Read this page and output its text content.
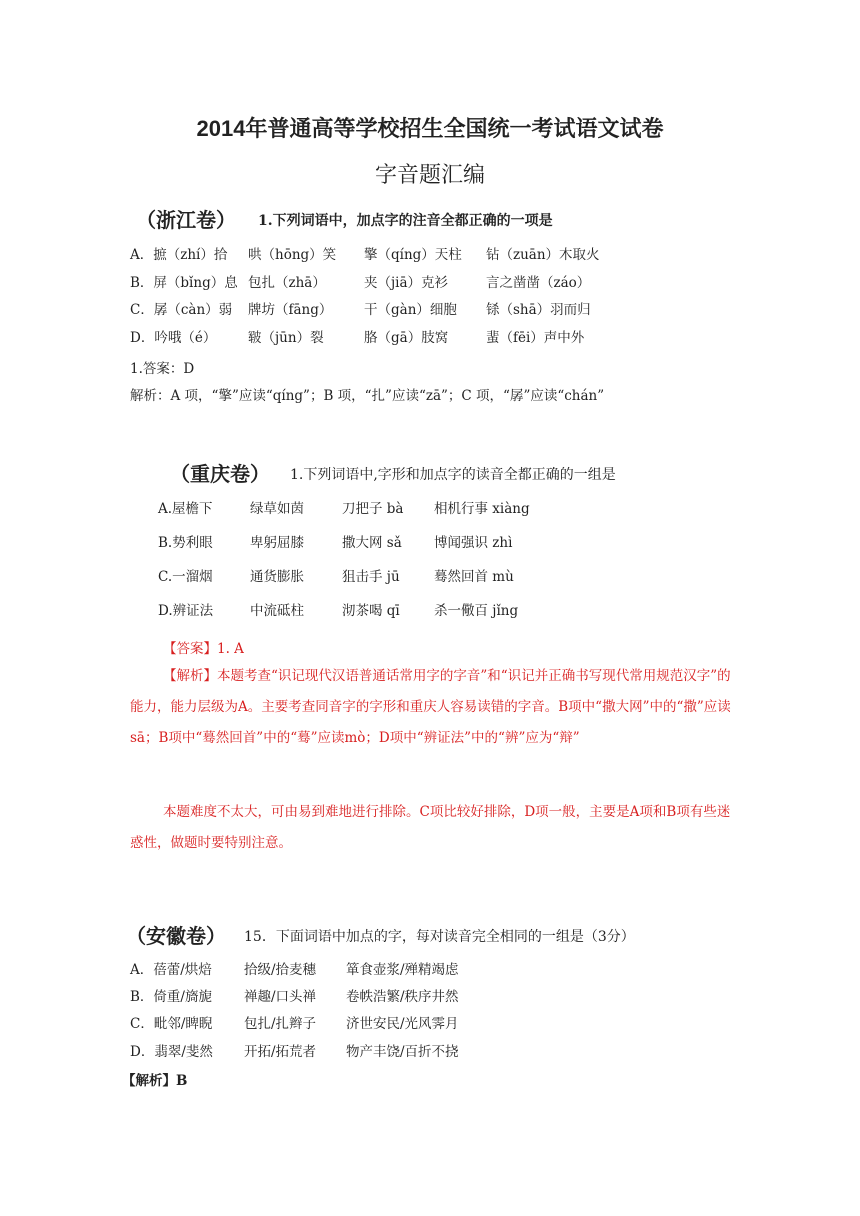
2014年普通高等学校招生全国统一考试语文试卷
字音题汇编
（浙江卷） 1.下列词语中，加点字的注音全都正确的一项是
A．摭（zhí）拾 哄（hōng）笑 擎（qíng）天柱 钻（zuān）木取火
B．屏（bǐng）息 包扎（zhā）	夹（jiā）克衫	言之凿凿（záo）
C．孱（càn）弱 牌坊（fāng） 干（gàn）细胞 铩（shā）羽而归
D．吟哦（é） 皲（jūn）裂	胳（gā）肢窝	蜚（fēi）声中外
1.答案：D
解析：A 项，“擎”应读“qíng”；B 项，“扎”应读“zā”；C 项，“孱”应读“chán”
（重庆卷） 1.下列词语中,字形和加点字的读音全都正确的一组是
A.屋檐下	绿草如茵	刀把子 bà 相机行事 xiàng
B.势利眼	卑躬屈膝	撒大网 sǎ 博闻强识 zhì
C.一溜烟	通货膨胀	狙击手 jū	蓦然回首 mù
D.辨证法	中流砥柱	沏茶喝 qī	杀一儆百 jǐng
【答案】1. A
【解析】本题考查“识记现代汉语普通话常用字的字音”和“识记并正确书写现代常用规范汉字”的能力，能力层级为A。主要考查同音字的字形和重庆人容易读错的字音。B项中“撒大网”中的“撒”应读sā；B项中“蓦然回首”中的“蓦”应读mò；D项中“辨证法”中的“辨”应为“辩”
本题难度不太大，可由易到难地进行排除。C项比较好排除，D项一般，主要是A项和B项有些迷惑性，做题时要特别注意。
（安徽卷） 15．下面词语中加点的字，每对读音完全相同的一组是（3分）
A．蓓蕾/烘焙 拾级/拾麦穗 箪食壶浆/殚精竭虑
B．倚重/旖旎 禅趣/口头禅 卷帙浩繁/秩序井然
C．毗邻/睥睨 包扎/扎辫子 济世安民/光风霁月
D．翡翠/斐然 开拓/拓荒者 物产丰饶/百折不挠
【解析】B
